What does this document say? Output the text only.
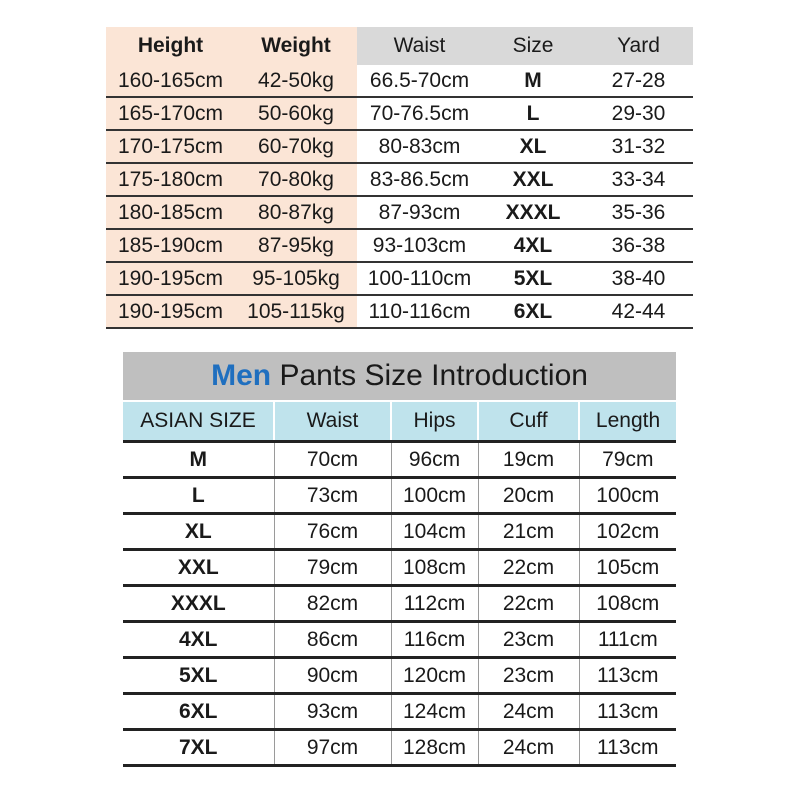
Height	Weight	Waist	Size	Yard
160-165cm	42-50kg	66.5-70cm	M	27-28
165-170cm	50-60kg	70-76.5cm	L	29-30
170-175cm	60-70kg	80-83cm	XL	31-32
175-180cm	70-80kg	83-86.5cm	XXL	33-34
180-185cm	80-87kg	87-93cm	XXXL	35-36
185-190cm	87-95kg	93-103cm	4XL	36-38
190-195cm	95-105kg	100-110cm	5XL	38-40
190-195cm	105-115kg	110-116cm	6XL	42-44
Men Pants Size Introduction				
ASIAN SIZE	Waist	Hips	Cuff	Length
M	70cm	96cm	19cm	79cm
L	73cm	100cm	20cm	100cm
XL	76cm	104cm	21cm	102cm
XXL	79cm	108cm	22cm	105cm
XXXL	82cm	112cm	22cm	108cm
4XL	86cm	116cm	23cm	111cm
5XL	90cm	120cm	23cm	113cm
6XL	93cm	124cm	24cm	113cm
7XL	97cm	128cm	24cm	113cm
